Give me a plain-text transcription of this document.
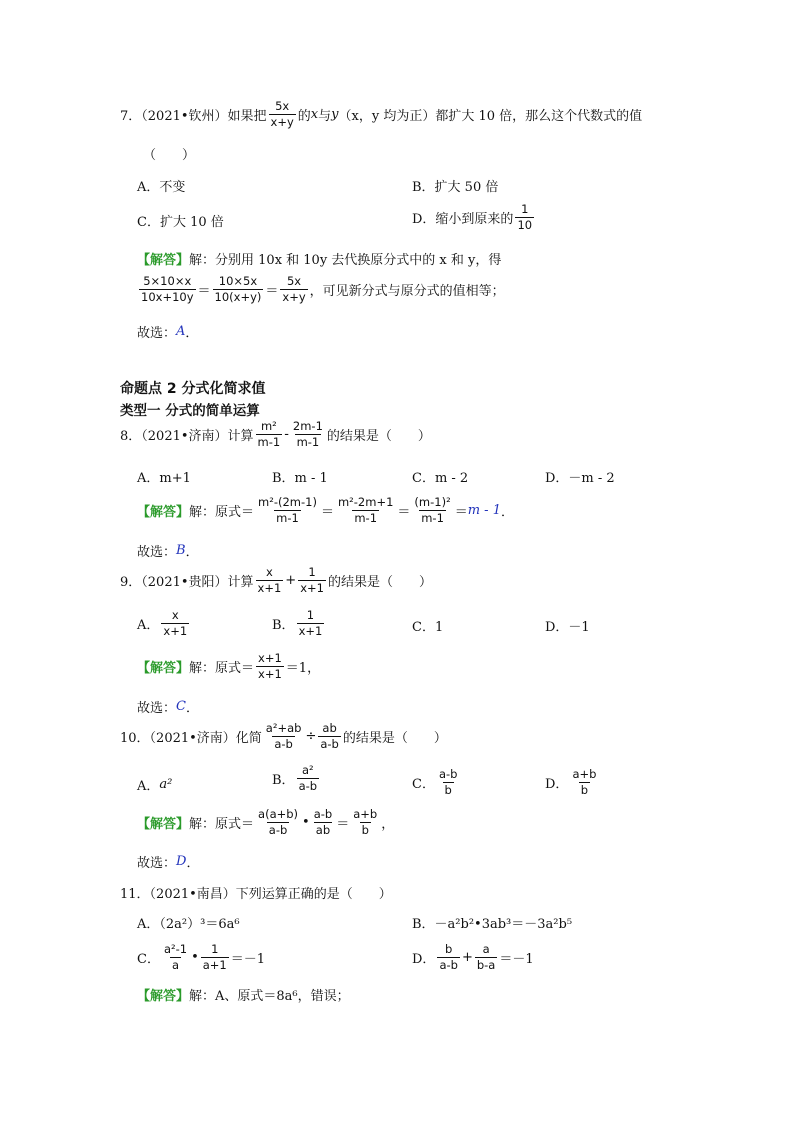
7．（2021•钦州）如果把 $\frac{5x}{x+y}$ 的 x 与 y （x，y 均为正）都扩大 10 倍，那么这个代数式的值
（　　）
A．不变	B．扩大 50 倍
C．扩大 10 倍	D．缩小到原来的 $\frac{1}{10}$
【解答】 解：分别用 10x 和 10y 去代换原分式中的 x 和 y，得
$\frac{5\times 10\times x}{10x+10y} = \frac{10\times 5x}{10(x+y)} = \frac{5x}{x+y}$ ，可见新分式与原分式的值相等；
故选： A ．
命题点 2 分式化简求值
类型一 分式的简单运算
8．（2021•济南）计算 $\frac{\text{m²}}{m-1} - \frac{2m-1}{m-1}$ 的结果是（　　）
A．m+1	B．m - 1	C．m - 2	D．－m - 2
【解答】 解：原式＝ $\frac{\text{m²-(2m-1)}}{m-1} = \frac{\text{m²-2m+1}}{m-1} = \frac{\text{(m-1)²}}{m-1} = m - 1$ ．
故选： B ．
9．（2021•贵阳）计算 $\frac{x}{x+1} + \frac{1}{x+1}$ 的结果是（　　）
A． $\frac{x}{x+1}$	B． $\frac{1}{x+1}$	C．1	D．－1
【解答】 解：原式＝ $\frac{x+1}{x+1} =1$，
故选： C ．
10．（2021•济南）化简 $\frac{\text{a²+ab}}{a-b} \div \frac{ab}{a-b}$ 的结果是（　　）
A． a²	B． $\frac{\text{a²}}{a-b}$	C． $\frac{a-b}{b}$	D． $\frac{a+b}{b}$
【解答】 解：原式＝ $\frac{a(a+b)}{a-b}$ • $\frac{a-b}{ab} = \frac{a+b}{b}$ ，
故选： D ．
11．（2021•南昌）下列运算正确的是（　　）
A．（2a²）³＝6a⁶	B．－a²b²•3ab³＝－3a²b⁵
C． $\frac{\text{a²-1}}{a}$ • $\frac{1}{a+1} =-1$	D． $\frac{b}{a-b} + \frac{a}{b-a} =-1$
【解答】 解：A、原式＝8a⁶，错误；
